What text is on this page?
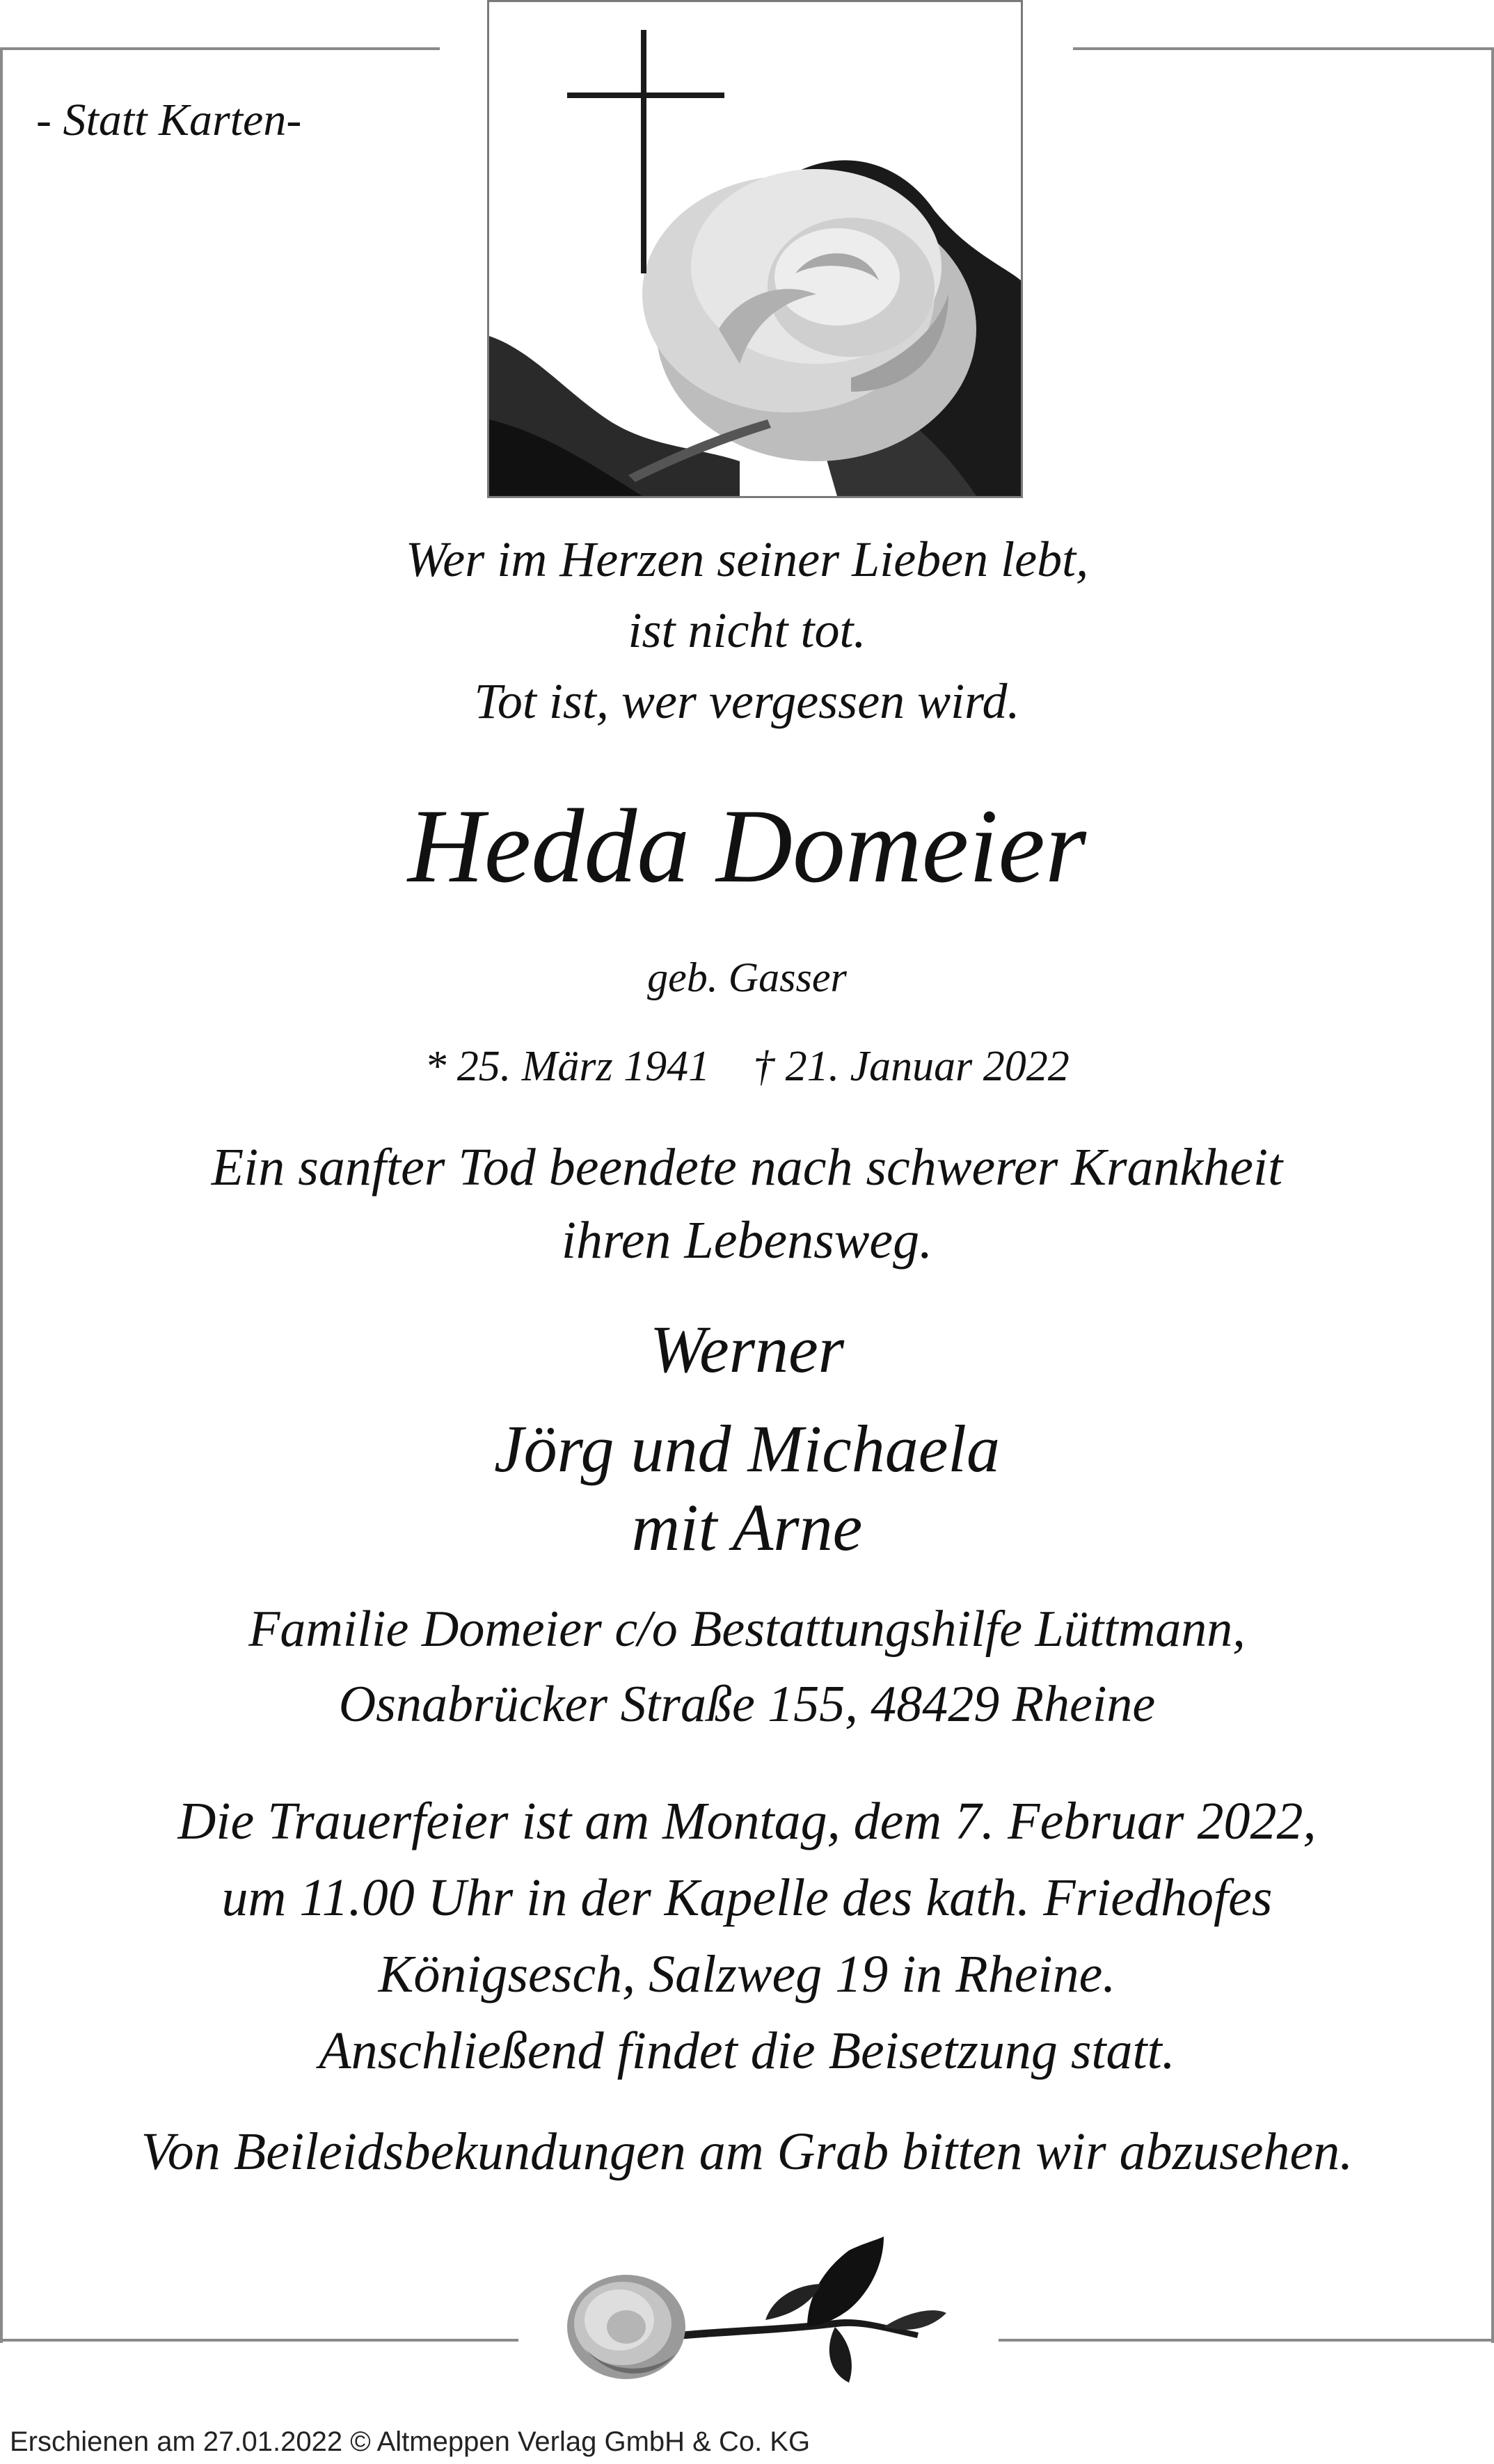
- Statt Karten-
Wer im Herzen seiner Lieben lebt,
ist nicht tot.
Tot ist, wer vergessen wird.
Hedda Domeier
geb. Gasser
* 25. März 1941    † 21. Januar 2022
Ein sanfter Tod beendete nach schwerer Krankheit
ihren Lebensweg.
Werner
Jörg und Michaela
mit Arne
Familie Domeier c/o Bestattungshilfe Lüttmann,
Osnabrücker Straße 155, 48429 Rheine
Die Trauerfeier ist am Montag, dem 7. Februar 2022,
um 11.00 Uhr in der Kapelle des kath. Friedhofes
Königsesch, Salzweg 19 in Rheine.
Anschließend findet die Beisetzung statt.
Von Beileidsbekundungen am Grab bitten wir abzusehen.
Erschienen am 27.01.2022 © Altmeppen Verlag GmbH & Co. KG
